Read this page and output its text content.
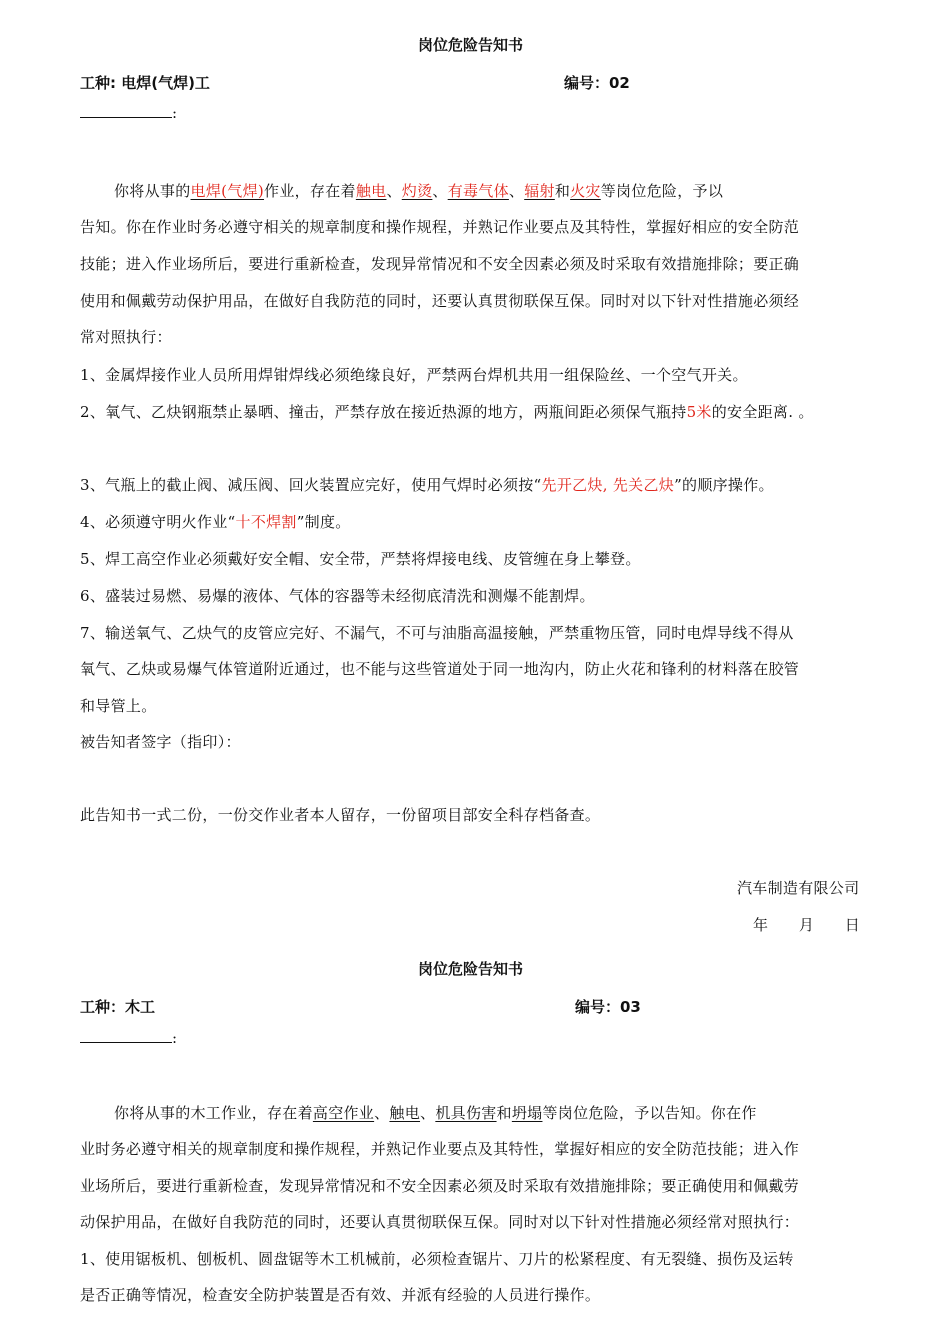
岗位危险告知书
工种: 电焊(气焊)工	编号：02
:
你将从事的电焊(气焊)作业，存在着触电、灼烫、有毒气体、辐射和火灾等岗位危险，予以
告知。你在作业时务必遵守相关的规章制度和操作规程，并熟记作业要点及其特性，掌握好相应的安全防范
技能；进入作业场所后，要进行重新检查，发现异常情况和不安全因素必须及时采取有效措施排除；要正确
使用和佩戴劳动保护用品，在做好自我防范的同时，还要认真贯彻联保互保。同时对以下针对性措施必须经
常对照执行：
1、金属焊接作业人员所用焊钳焊线必须绝缘良好，严禁两台焊机共用一组保险丝、一个空气开关。
2、氧气、乙炔钢瓶禁止暴晒、撞击，严禁存放在接近热源的地方，两瓶间距必须保气瓶持5米的安全距离. 。
3、气瓶上的截止阀、减压阀、回火装置应完好，使用气焊时必须按“先开乙炔, 先关乙炔”的顺序操作。
4、必须遵守明火作业“十不焊割”制度。
5、焊工高空作业必须戴好安全帽、安全带，严禁将焊接电线、皮管缠在身上攀登。
6、盛装过易燃、易爆的液体、气体的容器等未经彻底清洗和测爆不能割焊。
7、输送氧气、乙炔气的皮管应完好、不漏气，不可与油脂高温接触，严禁重物压管，同时电焊导线不得从
氧气、乙炔或易爆气体管道附近通过，也不能与这些管道处于同一地沟内，防止火花和锋利的材料落在胶管
和导管上。
被告知者签字（指印）：
此告知书一式二份，一份交作业者本人留存，一份留项目部安全科存档备查。
汽车制造有限公司
年　　月　　日
岗位危险告知书
工种：木工	编号：03
:
你将从事的木工作业，存在着高空作业、触电、机具伤害和坍塌等岗位危险，予以告知。你在作
业时务必遵守相关的规章制度和操作规程，并熟记作业要点及其特性，掌握好相应的安全防范技能；进入作
业场所后，要进行重新检查，发现异常情况和不安全因素必须及时采取有效措施排除；要正确使用和佩戴劳
动保护用品，在做好自我防范的同时，还要认真贯彻联保互保。同时对以下针对性措施必须经常对照执行：
1、使用锯板机、刨板机、圆盘锯等木工机械前，必须检查锯片、刀片的松紧程度、有无裂缝、损伤及运转
是否正确等情况，检查安全防护装置是否有效、并派有经验的人员进行操作。
